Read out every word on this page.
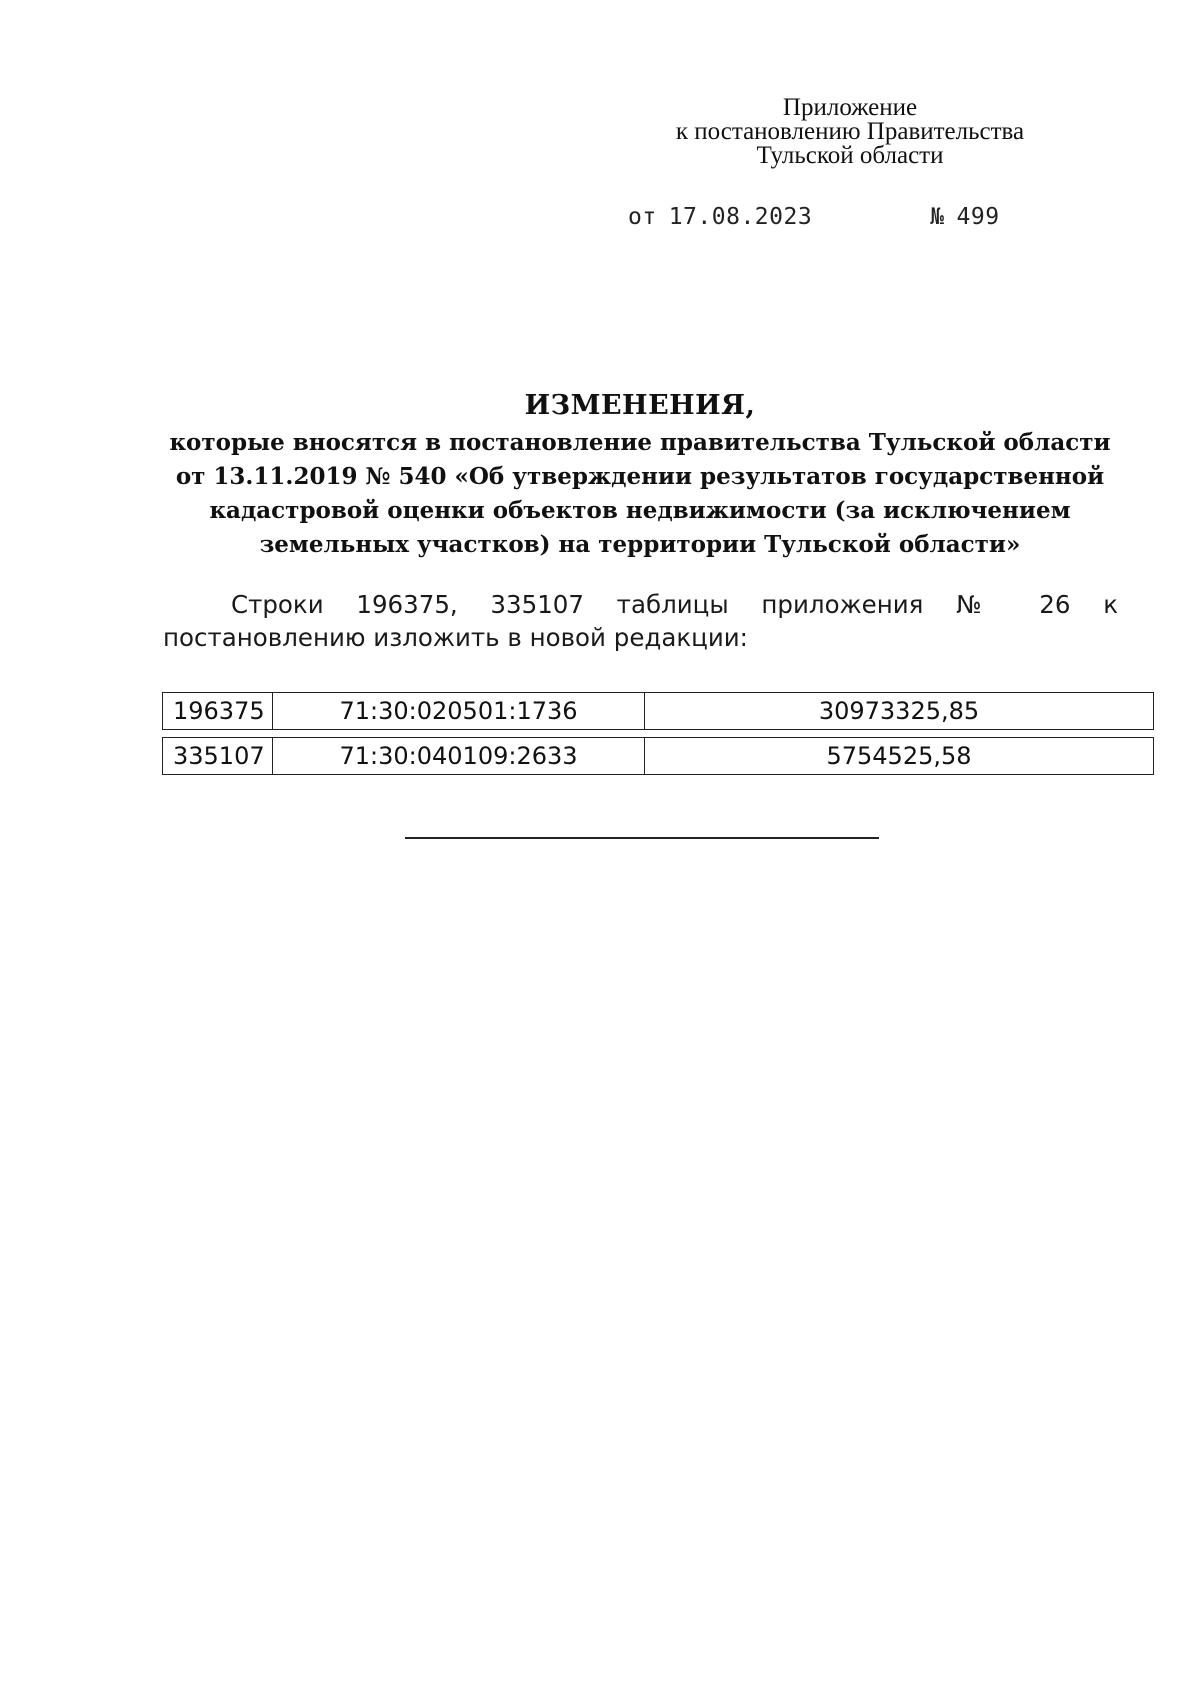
Приложение
к постановлению Правительства
Тульской области
от 17.08.2023	№ 499
ИЗМЕНЕНИЯ,
которые вносятся в постановление правительства Тульской области
от 13.11.2019 № 540 «Об утверждении результатов государственной
кадастровой оценки объектов недвижимости (за исключением
земельных участков) на территории Тульской области»
Строки 196375, 335107 таблицы приложения № 26 к постановлению изложить в новой редакции:
196375	71:30:020501:1736	30973325,85
335107	71:30:040109:2633	5754525,58
